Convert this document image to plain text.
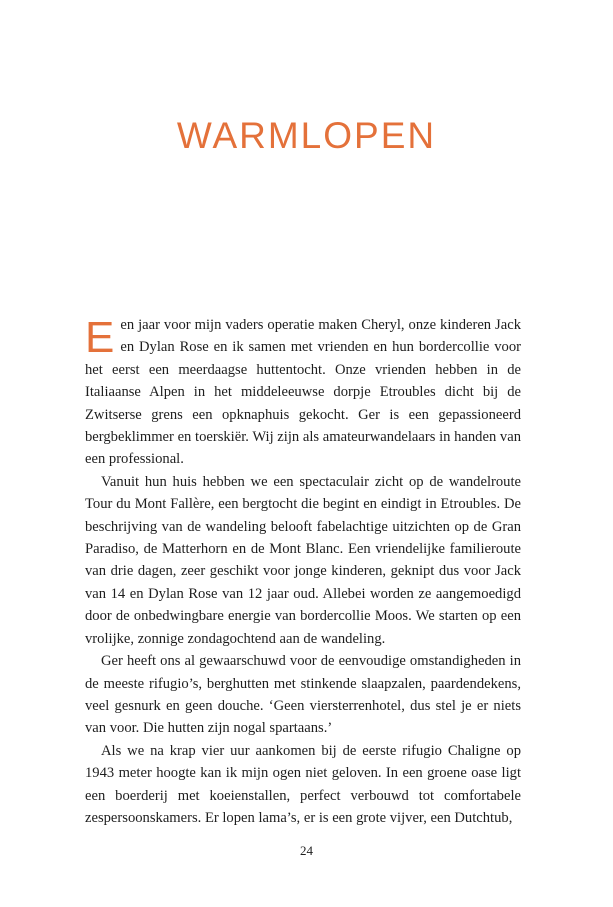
WARMLOPEN

Een jaar voor mijn vaders operatie maken Cheryl, onze kinderen Jack en Dylan Rose en ik samen met vrienden en hun bordercollie voor het eerst een meerdaagse huttentocht. Onze vrienden hebben in de Italiaanse Alpen in het middeleeuwse dorpje Etroubles dicht bij de Zwitserse grens een opknaphuis gekocht. Ger is een gepassioneerd bergbeklimmer en toerskiër. Wij zijn als amateurwandelaars in handen van een professional.

Vanuit hun huis hebben we een spectaculair zicht op de wandelroute Tour du Mont Fallère, een bergtocht die begint en eindigt in Etroubles. De beschrijving van de wandeling belooft fabelachtige uitzichten op de Gran Paradiso, de Matterhorn en de Mont Blanc. Een vriendelijke familieroute van drie dagen, zeer geschikt voor jonge kinderen, geknipt dus voor Jack van 14 en Dylan Rose van 12 jaar oud. Allebei worden ze aangemoedigd door de onbedwingbare energie van bordercollie Moos. We starten op een vrolijke, zonnige zondagochtend aan de wandeling.

Ger heeft ons al gewaarschuwd voor de eenvoudige omstandigheden in de meeste rifugio’s, berghutten met stinkende slaapzalen, paardendekens, veel gesnurk en geen douche. ‘Geen viersterrenhotel, dus stel je er niets van voor. Die hutten zijn nogal spartaans.’

Als we na krap vier uur aankomen bij de eerste rifugio Chaligne op 1943 meter hoogte kan ik mijn ogen niet geloven. In een groene oase ligt een boerderij met koeienstallen, perfect verbouwd tot comfortabele zespersoonskamers. Er lopen lama’s, er is een grote vijver, een Dutchtub,

24
